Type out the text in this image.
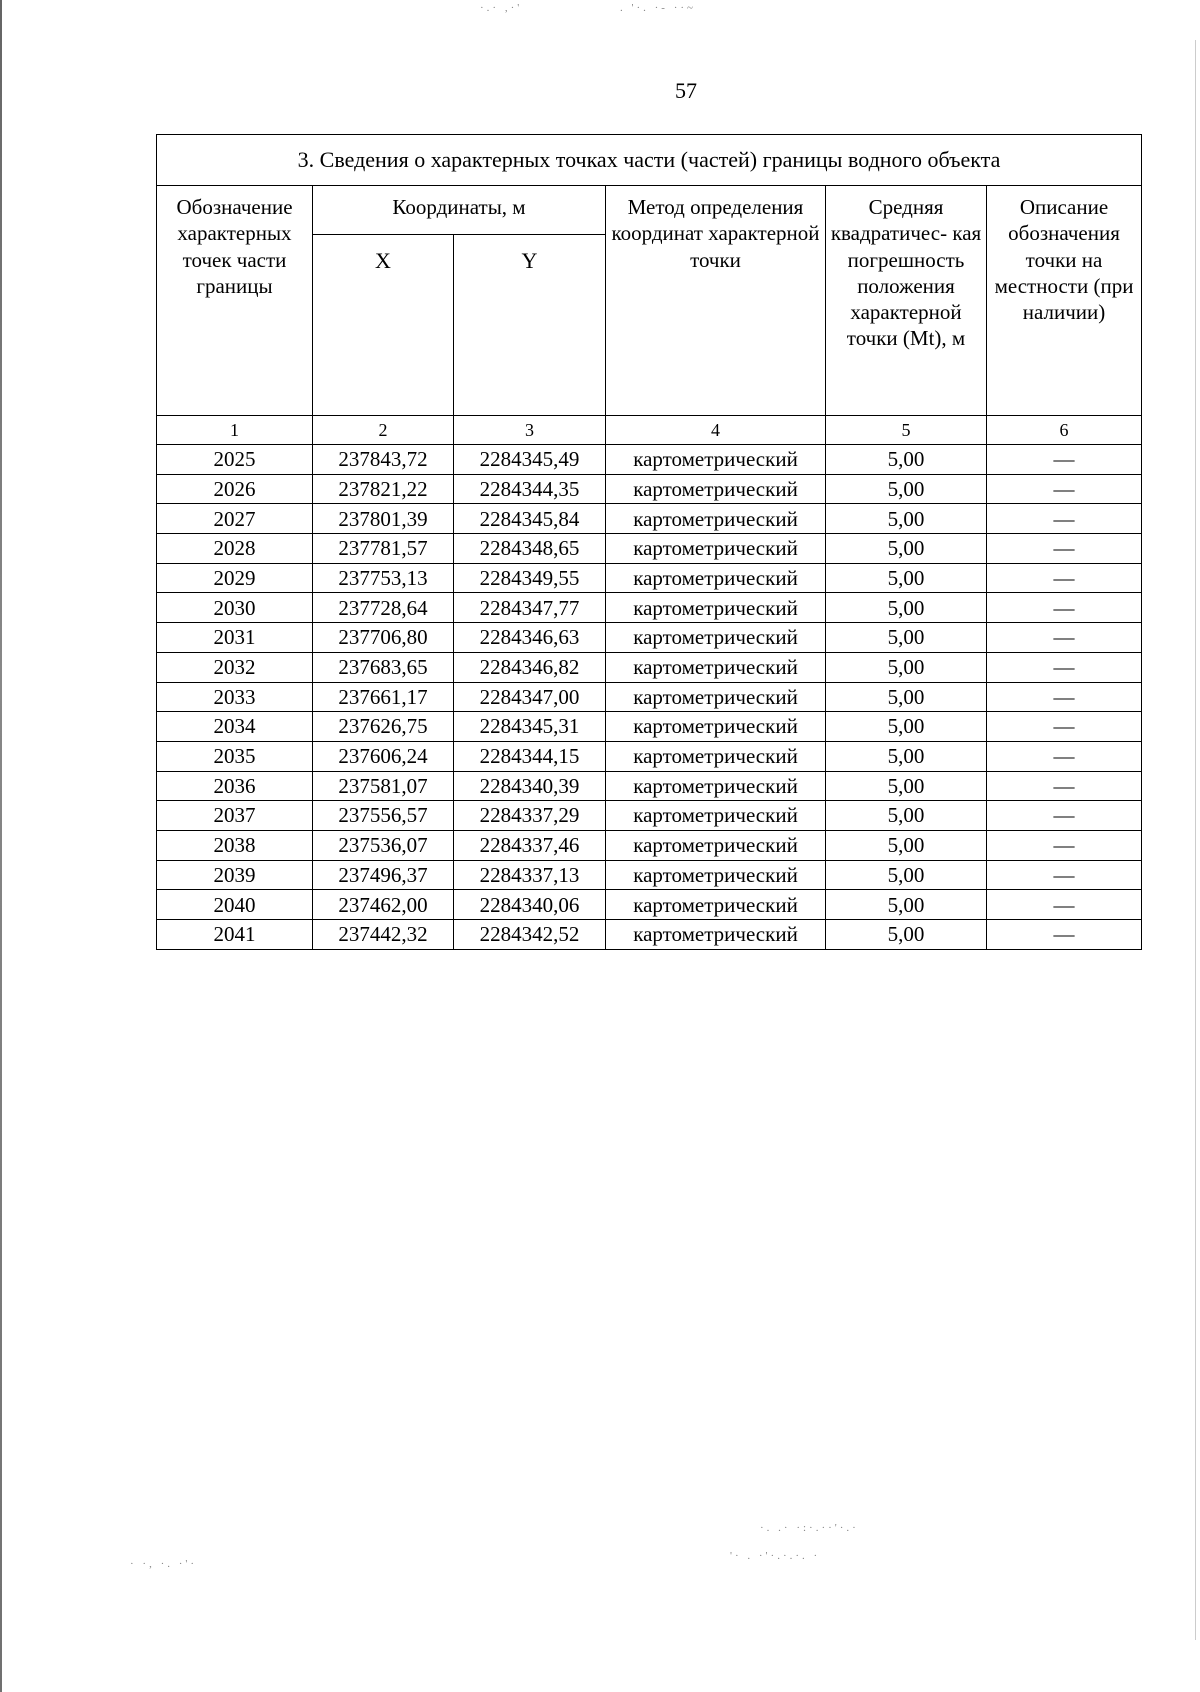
·.· ,·'	. '·. ·- ··~
·. .· ·:·.··'·.·
'· . ·'·.·.·. ·
· ·, ·. ·'·
57
3. Сведения о характерных точках части (частей) границы водного объекта					
Обозначение характерных точек части границы	Координаты, м		Метод определения координат характерной точки	Средняя квадратичес- кая погрешность положения характерной точки (Mt), м	Описание обозначения точки на местности (при наличии)
	X	Y			
1	2	3	4	5	6
2025	237843,72	2284345,49	картометрический	5,00	—
2026	237821,22	2284344,35	картометрический	5,00	—
2027	237801,39	2284345,84	картометрический	5,00	—
2028	237781,57	2284348,65	картометрический	5,00	—
2029	237753,13	2284349,55	картометрический	5,00	—
2030	237728,64	2284347,77	картометрический	5,00	—
2031	237706,80	2284346,63	картометрический	5,00	—
2032	237683,65	2284346,82	картометрический	5,00	—
2033	237661,17	2284347,00	картометрический	5,00	—
2034	237626,75	2284345,31	картометрический	5,00	—
2035	237606,24	2284344,15	картометрический	5,00	—
2036	237581,07	2284340,39	картометрический	5,00	—
2037	237556,57	2284337,29	картометрический	5,00	—
2038	237536,07	2284337,46	картометрический	5,00	—
2039	237496,37	2284337,13	картометрический	5,00	—
2040	237462,00	2284340,06	картометрический	5,00	—
2041	237442,32	2284342,52	картометрический	5,00	—
